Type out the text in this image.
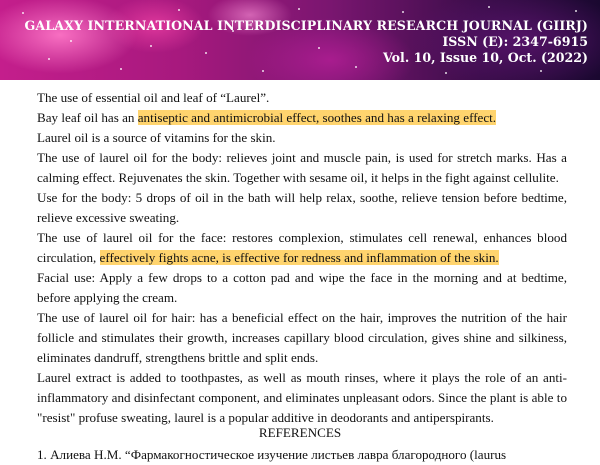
GALAXY INTERNATIONAL INTERDISCIPLINARY RESEARCH JOURNAL (GIIRJ)
ISSN (E): 2347-6915
Vol. 10, Issue 10, Oct. (2022)

The use of essential oil and leaf of “Laurel”.

Bay leaf oil has an antiseptic and antimicrobial effect, soothes and has a relaxing effect.

Laurel oil is a source of vitamins for the skin.

The use of laurel oil for the body: relieves joint and muscle pain, is used for stretch marks. Has a calming effect. Rejuvenates the skin. Together with sesame oil, it helps in the fight against cellulite.

Use for the body: 5 drops of oil in the bath will help relax, soothe, relieve tension before bedtime, relieve excessive sweating.

The use of laurel oil for the face: restores complexion, stimulates cell renewal, enhances blood circulation, effectively fights acne, is effective for redness and inflammation of the skin.

Facial use: Apply a few drops to a cotton pad and wipe the face in the morning and at bedtime, before applying the cream.

The use of laurel oil for hair: has a beneficial effect on the hair, improves the nutrition of the hair follicle and stimulates their growth, increases capillary blood circulation, gives shine and silkiness, eliminates dandruff, strengthens brittle and split ends.

Laurel extract is added to toothpastes, as well as mouth rinses, where it plays the role of an anti-inflammatory and disinfectant component, and eliminates unpleasant odors. Since the plant is able to "resist" profuse sweating, laurel is a popular additive in deodorants and antiperspirants.

REFERENCES
1. Алиева Н.М. “Фармакогностическое изучение листьев лавра благородного (laurus
